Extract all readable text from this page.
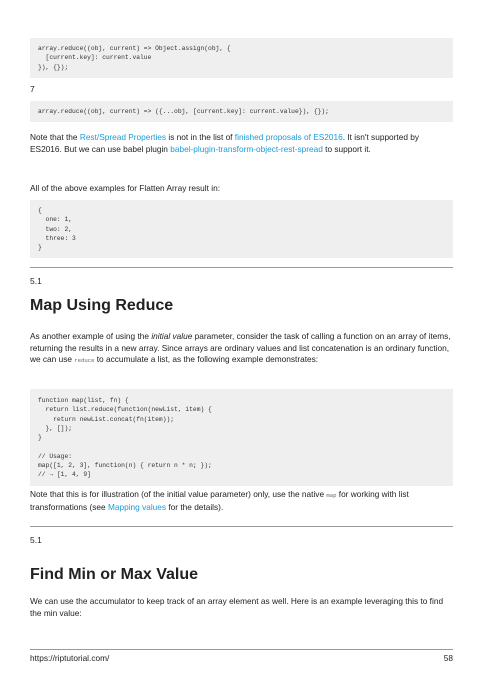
array.reduce((obj, current) => Object.assign(obj, {
[current.key]: current.value
}), {});

7

array.reduce((obj, current) => ({...obj, [current.key]: current.value}), {});

Note that the Rest/Spread Properties is not in the list of finished proposals of ES2016. It isn't supported by ES2016. But we can use babel plugin babel-plugin-transform-object-rest-spread to support it.

All of the above examples for Flatten Array result in:

{
one: 1,
two: 2,
three: 3
}

5.1

Map Using Reduce

As another example of using the initial value parameter, consider the task of calling a function on an array of items, returning the results in a new array. Since arrays are ordinary values and list concatenation is an ordinary function, we can use reduce to accumulate a list, as the following example demonstrates:

function map(list, fn) {
return list.reduce(function(newList, item) {
return newList.concat(fn(item));
}, []);
}

// Usage:
map([1, 2, 3], function(n) { return n * n; });
// → [1, 4, 9]

Note that this is for illustration (of the initial value parameter) only, use the native map for working with list transformations (see Mapping values for the details).

5.1

Find Min or Max Value

We can use the accumulator to keep track of an array element as well. Here is an example leveraging this to find the min value:

https://riptutorial.com/	58
